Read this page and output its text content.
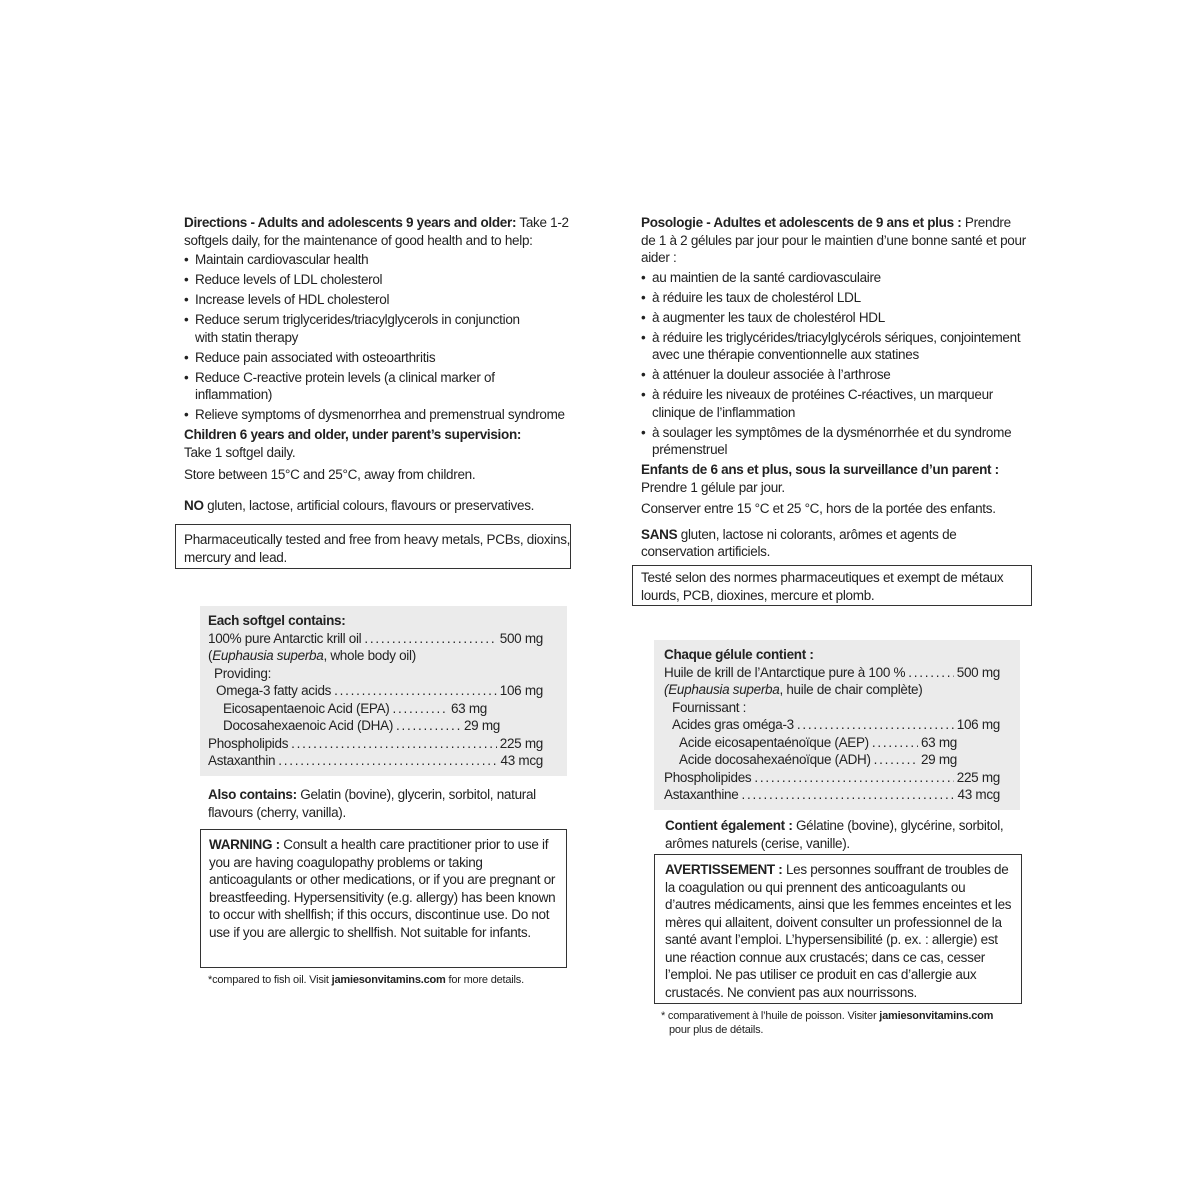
Directions - Adults and adolescents 9 years and older: Take 1-2 softgels daily, for the maintenance of good health and to help:

• Maintain cardiovascular health
• Reduce levels of LDL cholesterol
• Increase levels of HDL cholesterol
• Reduce serum triglycerides/triacylglycerols in conjunction with statin therapy
• Reduce pain associated with osteoarthritis
• Reduce C-reactive protein levels (a clinical marker of inflammation)
• Relieve symptoms of dysmenorrhea and premenstrual syndrome

Children 6 years and older, under parent’s supervision:

Take 1 softgel daily.

Store between 15°C and 25°C, away from children.

NO gluten, lactose, artificial colours, flavours or preservatives.

Pharmaceutically tested and free from heavy metals, PCBs, dioxins, mercury and lead.

Each softgel contains:

100% pure Antarctic krill oil . . .	500 mg

(Euphausia superba, whole body oil)

Providing:

Omega-3 fatty acids . . .	106 mg
Eicosapentaenoic Acid (EPA) . . .	63 mg
Docosahexaenoic Acid (DHA) . . .	29 mg
Phospholipids . . .	225 mg
Astaxanthin . . .	43 mcg

Also contains: Gelatin (bovine), glycerin, sorbitol, natural flavours (cherry, vanilla).

WARNING : Consult a health care practitioner prior to use if you are having coagulopathy problems or taking anticoagulants or other medications, or if you are pregnant or breastfeeding. Hypersensitivity (e.g. allergy) has been known to occur with shellfish; if this occurs, discontinue use. Do not use if you are allergic to shellfish. Not suitable for infants.

*compared to fish oil. Visit jamiesonvitamins.com for more details.

Posologie - Adultes et adolescents de 9 ans et plus : Prendre de 1 à 2 gélules par jour pour le maintien d’une bonne santé et pour aider :

• au maintien de la santé cardiovasculaire
• à réduire les taux de cholestérol LDL
• à augmenter les taux de cholestérol HDL
• à réduire les triglycérides/triacylglycérols sériques, conjointement avec une thérapie conventionnelle aux statines
• à atténuer la douleur associée à l’arthrose
• à réduire les niveaux de protéines C-réactives, un marqueur clinique de l’inflammation
• à soulager les symptômes de la dysménorrhée et du syndrome prémenstruel

Enfants de 6 ans et plus, sous la surveillance d’un parent :

Prendre 1 gélule par jour.

Conserver entre 15 °C et 25 °C, hors de la portée des enfants.

SANS gluten, lactose ni colorants, arômes et agents de conservation artificiels.

Testé selon des normes pharmaceutiques et exempt de métaux lourds, PCB, dioxines, mercure et plomb.

Chaque gélule contient :

Huile de krill de l’Antarctique pure à 100 % . . .	500 mg

(Euphausia superba, huile de chair complète)

Fournissant :

Acides gras oméga-3 . . .	106 mg
Acide eicosapentaénoïque (AEP) . . .	63 mg
Acide docosahexaénoïque (ADH) . . .	29 mg
Phospholipides . . .	225 mg
Astaxanthine . . .	43 mcg

Contient également : Gélatine (bovine), glycérine, sorbitol, arômes naturels (cerise, vanille).

AVERTISSEMENT : Les personnes souffrant de troubles de la coagulation ou qui prennent des anticoagulants ou d’autres médicaments, ainsi que les femmes enceintes et les mères qui allaitent, doivent consulter un professionnel de la santé avant l’emploi. L’hypersensibilité (p. ex. : allergie) est une réaction connue aux crustacés; dans ce cas, cesser l’emploi. Ne pas utiliser ce produit en cas d’allergie aux crustacés. Ne convient pas aux nourrissons.

* comparativement à l’huile de poisson. Visiter jamiesonvitamins.com
pour plus de détails.
